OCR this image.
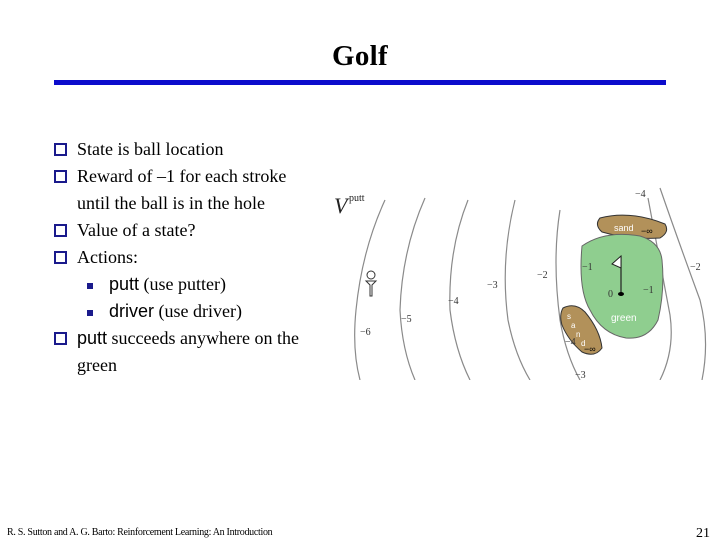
Golf
State is ball location
Reward of –1 for each stroke
until the ball is in the hole
Value of a state?
Actions:
putt (use putter)
driver (use driver)
putt succeeds anywhere on the
green
V putt
sand −∞
green
s
a
n
d
−∞
−4
−2
−1
−3
−4
−5
−6
−4
−3
−2
−1
0
R. S. Sutton and A. G. Barto: Reinforcement Learning: An Introduction	21
